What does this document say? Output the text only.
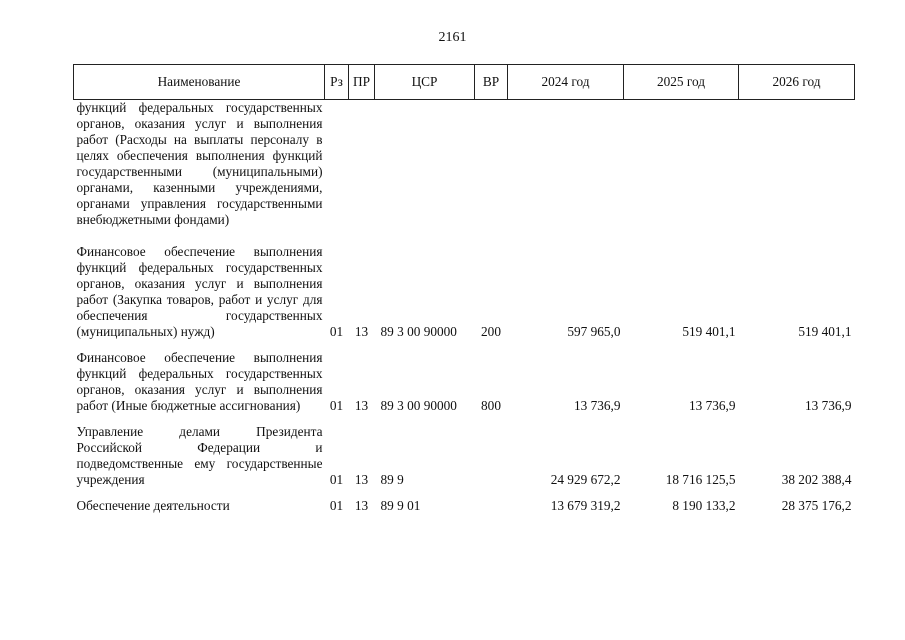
2161
Наименование	Рз	ПР	ЦСР	ВР	2024 год	2025 год	2026 год
функций федеральных государственных органов, оказания услуг и выполнения работ (Расходы на выплаты персоналу в целях обеспечения выполнения функций государственными (муниципальными) органами, казенными учреждениями, органами управления государственными внебюджетными фондами)							

Финансовое обеспечение выполнения функций федеральных государственных органов, оказания услуг и выполнения работ (Закупка товаров, работ и услуг для обеспечения государственных (муниципальных) нужд)	01	13	89 3 00 90000	200	597 965,0	519 401,1	519 401,1

Финансовое обеспечение выполнения функций федеральных государственных органов, оказания услуг и выполнения работ (Иные бюджетные ассигнования)	01	13	89 3 00 90000	800	13 736,9	13 736,9	13 736,9

Управление делами Президента Российской Федерации и подведомственные ему государственные учреждения	01	13	89 9		24 929 672,2	18 716 125,5	38 202 388,4

Обеспечение деятельности	01	13	89 9 01		13 679 319,2	8 190 133,2	28 375 176,2
